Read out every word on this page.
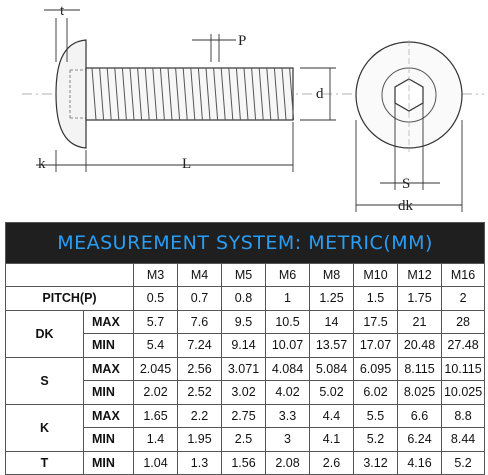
t
P
d
k	L
S
dk
MEASUREMENT SYSTEM: METRIC(MM)									
		M3	M4	M5	M6	M8	M10	M12	M16
PITCH(P)		0.5	0.7	0.8	1	1.25	1.5	1.75	2
DK	MAX	5.7	7.6	9.5	10.5	14	17.5	21	28
	MIN	5.4	7.24	9.14	10.07	13.57	17.07	20.48	27.48
S	MAX	2.045	2.56	3.071	4.084	5.084	6.095	8.115	10.115
	MIN	2.02	2.52	3.02	4.02	5.02	6.02	8.025	10.025
K	MAX	1.65	2.2	2.75	3.3	4.4	5.5	6.6	8.8
	MIN	1.4	1.95	2.5	3	4.1	5.2	6.24	8.44
T	MIN	1.04	1.3	1.56	2.08	2.6	3.12	4.16	5.2
